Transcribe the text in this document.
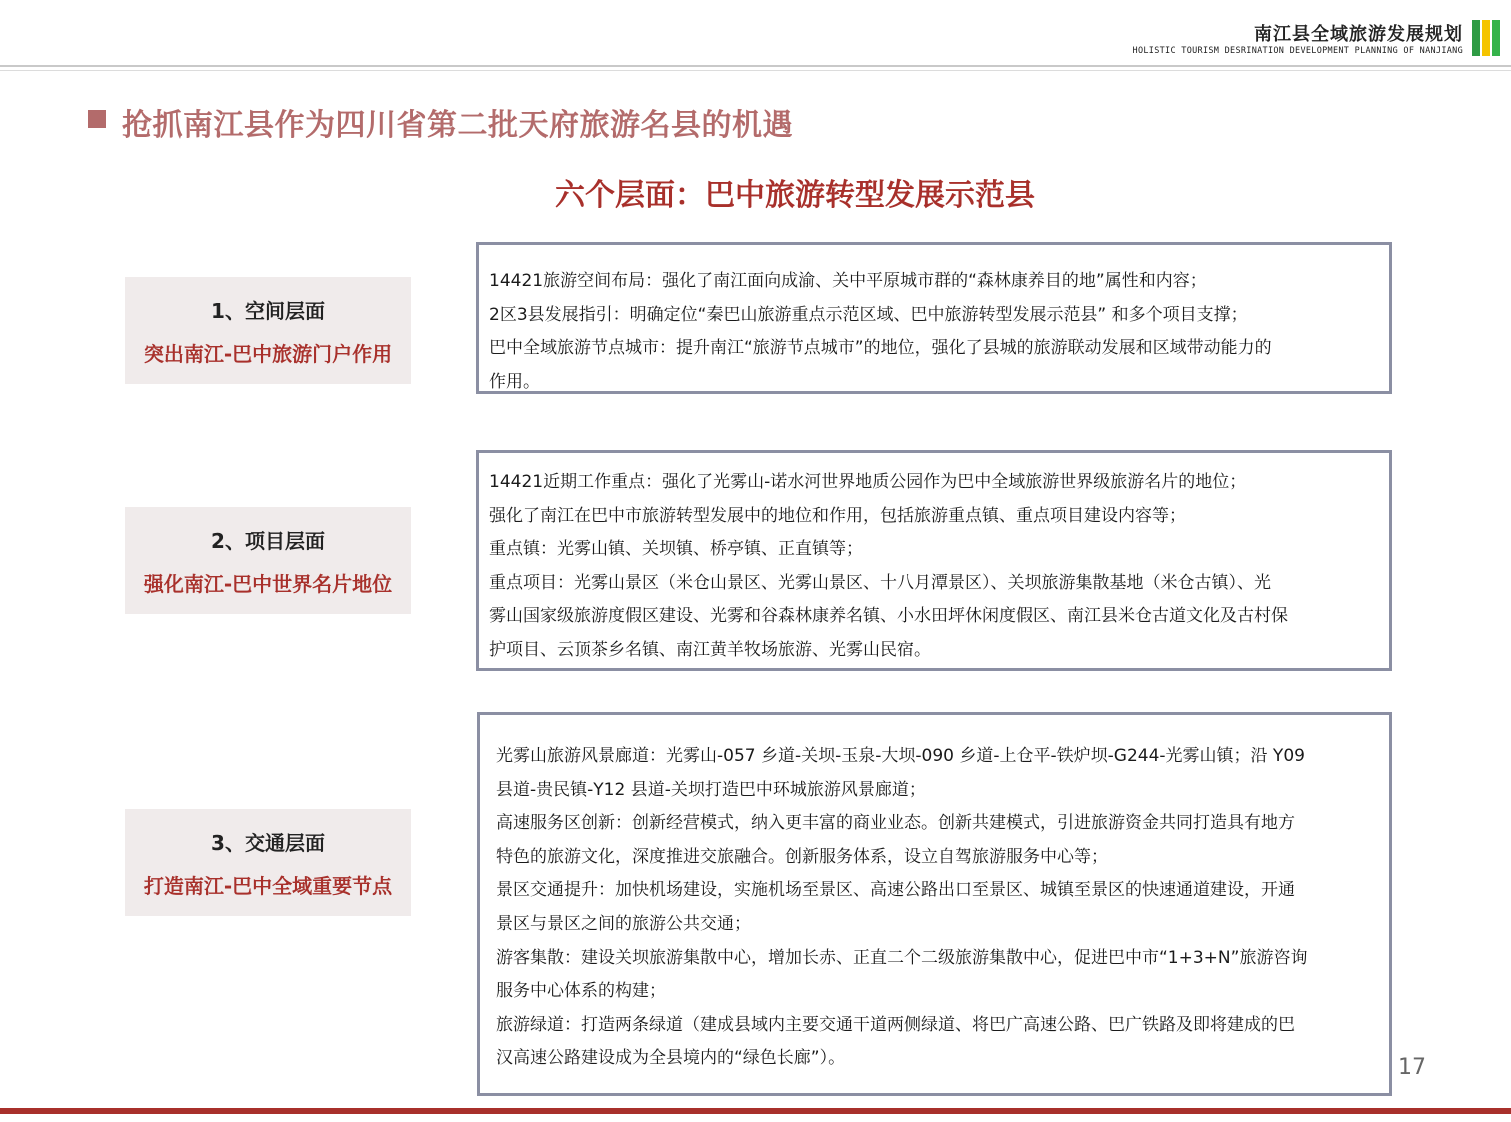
南江县全域旅游发展规划
HOLISTIC TOURISM DESRINATION DEVELOPMENT PLANNING OF NANJIANG
抢抓南江县作为四川省第二批天府旅游名县的机遇
六个层面：巴中旅游转型发展示范县
1、空间层面
突出南江-巴中旅游门户作用
14421旅游空间布局：强化了南江面向成渝、关中平原城市群的“森林康养目的地”属性和内容；
2区3县发展指引：明确定位“秦巴山旅游重点示范区域、巴中旅游转型发展示范县” 和多个项目支撑；
巴中全域旅游节点城市：提升南江“旅游节点城市”的地位，强化了县城的旅游联动发展和区域带动能力的
作用。
2、项目层面
强化南江-巴中世界名片地位
14421近期工作重点：强化了光雾山-诺水河世界地质公园作为巴中全域旅游世界级旅游名片的地位；
强化了南江在巴中市旅游转型发展中的地位和作用，包括旅游重点镇、重点项目建设内容等；
重点镇：光雾山镇、关坝镇、桥亭镇、正直镇等；
重点项目：光雾山景区（米仓山景区、光雾山景区、十八月潭景区）、关坝旅游集散基地（米仓古镇）、光
雾山国家级旅游度假区建设、光雾和谷森林康养名镇、小水田坪休闲度假区、南江县米仓古道文化及古村保
护项目、云顶茶乡名镇、南江黄羊牧场旅游、光雾山民宿。
3、交通层面
打造南江-巴中全域重要节点
光雾山旅游风景廊道：光雾山-057 乡道-关坝-玉泉-大坝-090 乡道-上仓平-铁炉坝-G244-光雾山镇；沿 Y09
县道-贵民镇-Y12 县道-关坝打造巴中环城旅游风景廊道；
高速服务区创新：创新经营模式，纳入更丰富的商业业态。创新共建模式，引进旅游资金共同打造具有地方
特色的旅游文化，深度推进交旅融合。创新服务体系，设立自驾旅游服务中心等；
景区交通提升：加快机场建设，实施机场至景区、高速公路出口至景区、城镇至景区的快速通道建设，开通
景区与景区之间的旅游公共交通；
游客集散：建设关坝旅游集散中心，增加长赤、正直二个二级旅游集散中心，促进巴中市“1+3+N”旅游咨询
服务中心体系的构建；
旅游绿道：打造两条绿道（建成县域内主要交通干道两侧绿道、将巴广高速公路、巴广铁路及即将建成的巴
汉高速公路建设成为全县境内的“绿色长廊”）。	17
